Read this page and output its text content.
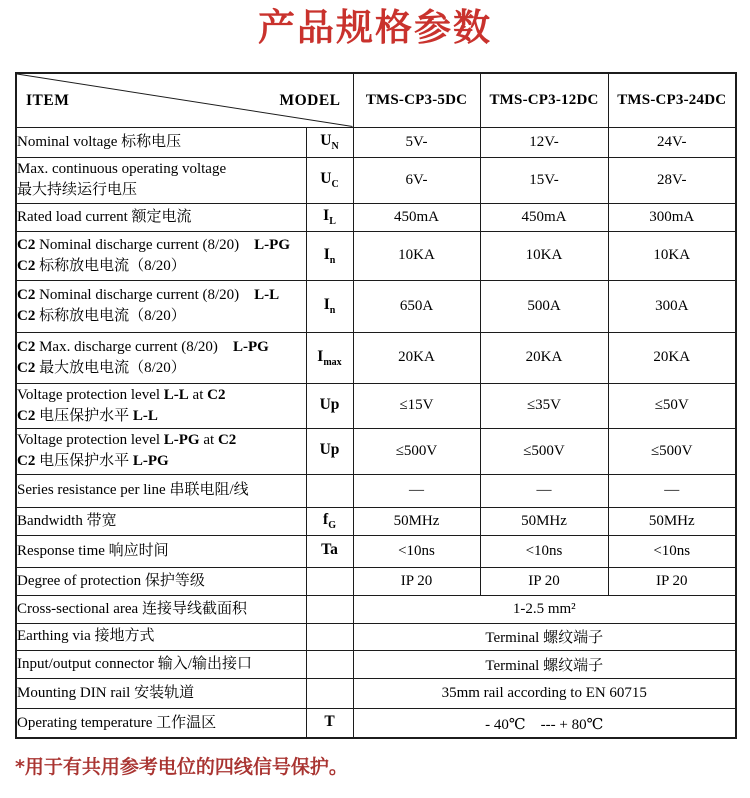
产品规格参数
ITEM MODEL		TMS-CP3-5DC	TMS-CP3-12DC	TMS-CP3-24DC

Nominal voltage 标称电压	$U_N$	5V-	12V-	24V-

Max. continuous operating voltage
最大持续运行电压	$U_C$	6V-	15V-	28V-

Rated load current 额定电流	$I_L$	450mA	450mA	300mA

C2 Nominal discharge current (8/20)　L-PG
C2 标称放电电流（8/20）	$I_n$	10KA	10KA	10KA

C2 Nominal discharge current (8/20)　L-L
C2 标称放电电流（8/20）	$I_n$	650A	500A	300A

C2 Max. discharge current (8/20)　L-PG
C2 最大放电电流（8/20）	$I_{max}$	20KA	20KA	20KA

Voltage protection level L-L at C2
C2 电压保护水平 L-L	Up	≤15V	≤35V	≤50V

Voltage protection level L-PG at C2
C2 电压保护水平 L-PG	Up	≤500V	≤500V	≤500V

Series resistance per line 串联电阻/线		—	—	—

Bandwidth 带宽	$f_G$	50MHz	50MHz	50MHz

Response time 响应时间	Ta	<10ns	<10ns	<10ns

Degree of protection 保护等级		IP 20	IP 20	IP 20

Cross-sectional area 连接导线截面积		1-2.5 mm²		

Earthing via 接地方式		Terminal 螺纹端子		

Input/output connector 输入/输出接口		Terminal 螺纹端子		

Mounting DIN rail 安装轨道		35mm rail according to EN 60715		

Operating temperature 工作温区	T	- 40℃　--- + 80℃		

*用于有共用参考电位的四线信号保护。
